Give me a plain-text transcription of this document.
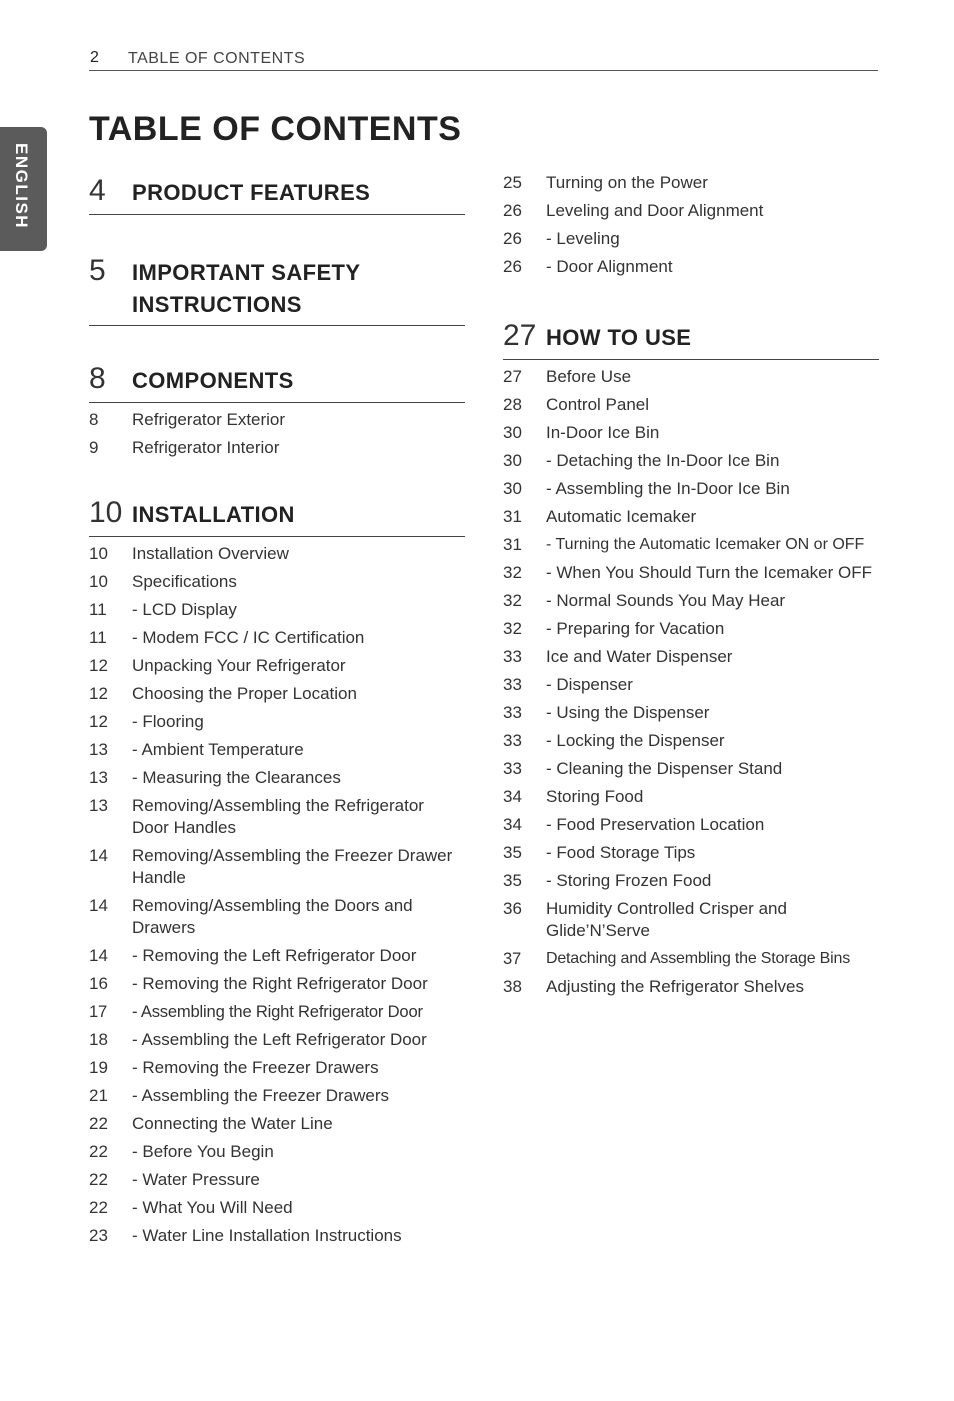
2 TABLE OF CONTENTS
ENGLISH
TABLE OF CONTENTS
4	PRODUCT FEATURES
5	IMPORTANT SAFETY INSTRUCTIONS
8	COMPONENTS
8	Refrigerator Exterior
9	Refrigerator Interior
10 INSTALLATION
10	Installation Overview
10	Specifications
11	- LCD Display
11	- Modem FCC / IC Certification
12	Unpacking Your Refrigerator
12	Choosing the Proper Location
12	- Flooring
13	- Ambient Temperature
13	- Measuring the Clearances
13	Removing/Assembling the Refrigerator Door Handles
14	Removing/Assembling the Freezer Drawer Handle
14	Removing/Assembling the Doors and Drawers
14	- Removing the Left Refrigerator Door
16	- Removing the Right Refrigerator Door
17	- Assembling the Right Refrigerator Door
18	- Assembling the Left Refrigerator Door
19	- Removing the Freezer Drawers
21	- Assembling the Freezer Drawers
22	Connecting the Water Line
22	- Before You Begin
22	- Water Pressure
22	- What You Will Need
23	- Water Line Installation Instructions
25	Turning on the Power
26	Leveling and Door Alignment
26	- Leveling
26	- Door Alignment
27 HOW TO USE
27	Before Use
28	Control Panel
30	In-Door Ice Bin
30	- Detaching the In-Door Ice Bin
30	- Assembling the In-Door Ice Bin
31	Automatic Icemaker
31	- Turning the Automatic Icemaker ON or OFF
32	- When You Should Turn the Icemaker OFF
32	- Normal Sounds You May Hear
32	- Preparing for Vacation
33	Ice and Water Dispenser
33	- Dispenser
33	- Using the Dispenser
33	- Locking the Dispenser
33	- Cleaning the Dispenser Stand
34	Storing Food
34	- Food Preservation Location
35	- Food Storage Tips
35	- Storing Frozen Food
36	Humidity Controlled Crisper and Glide’N’Serve
37	Detaching and Assembling the Storage Bins
38	Adjusting the Refrigerator Shelves
